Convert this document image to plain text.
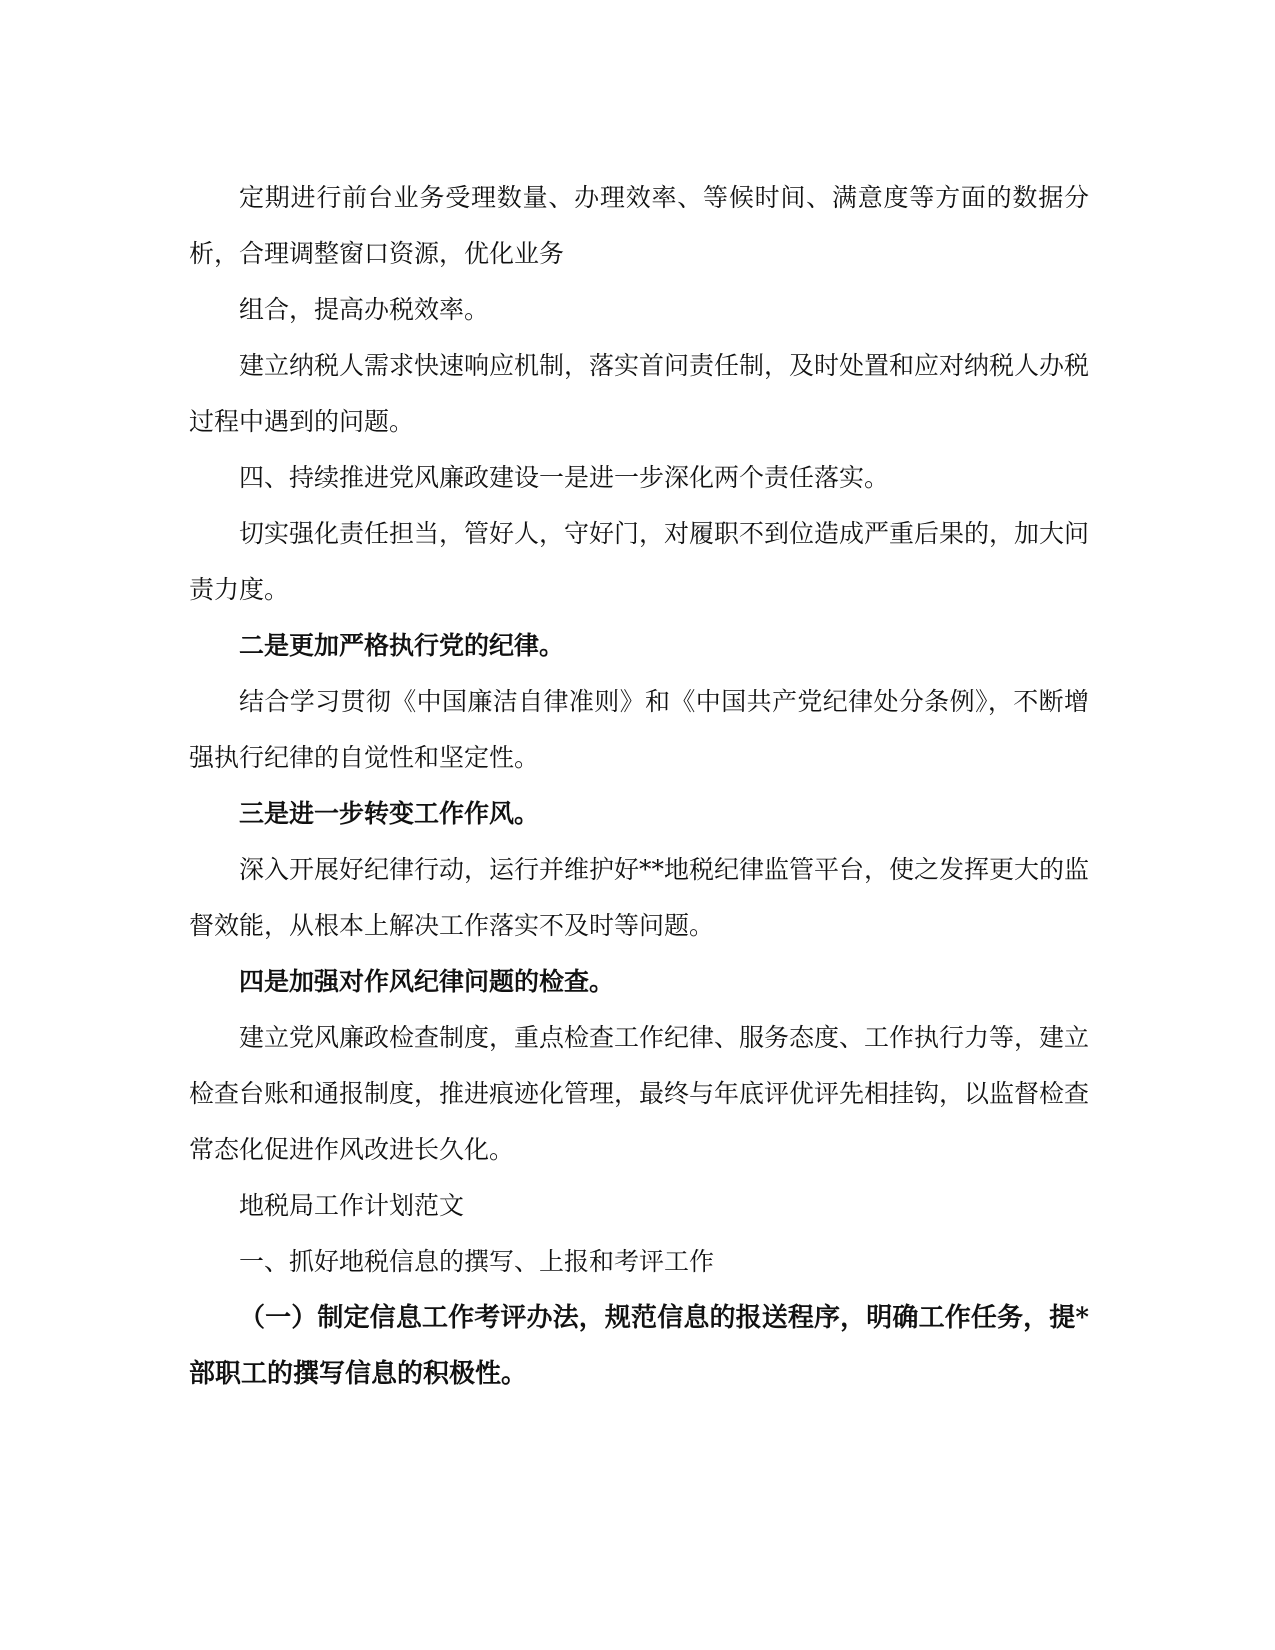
定期进行前台业务受理数量、办理效率、等候时间、满意度等方面的数据分析，合理调整窗口资源，优化业务

组合，提高办税效率。

建立纳税人需求快速响应机制，落实首问责任制，及时处置和应对纳税人办税过程中遇到的问题。

四、持续推进党风廉政建设一是进一步深化两个责任落实。

切实强化责任担当，管好人，守好门，对履职不到位造成严重后果的，加大问责力度。

二是更加严格执行党的纪律。

结合学习贯彻《中国廉洁自律准则》和《中国共产党纪律处分条例》，不断增强执行纪律的自觉性和坚定性。

三是进一步转变工作作风。

深入开展好纪律行动，运行并维护好**地税纪律监管平台，使之发挥更大的监督效能，从根本上解决工作落实不及时等问题。

四是加强对作风纪律问题的检查。

建立党风廉政检查制度，重点检查工作纪律、服务态度、工作执行力等，建立检查台账和通报制度，推进痕迹化管理，最终与年底评优评先相挂钩，以监督检查常态化促进作风改进长久化。

地税局工作计划范文

一、抓好地税信息的撰写、上报和考评工作

（一）制定信息工作考评办法，规范信息的报送程序，明确工作任务，提*部职工的撰写信息的积极性。
